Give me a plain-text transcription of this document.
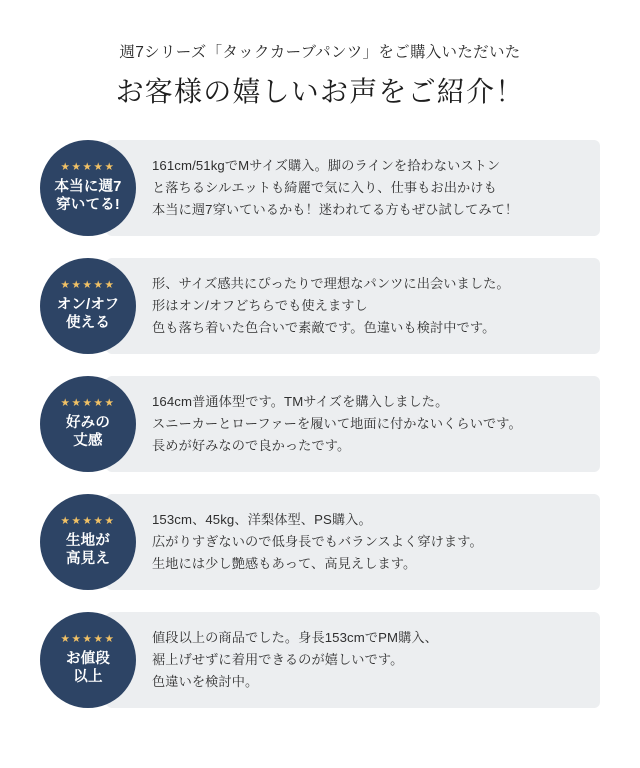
週7シリーズ「タックカーブパンツ」をご購入いただいた
お客様の嬉しいお声をご紹介！
★★★★★
本当に週7
穿いてる!
161cm/51kgでMサイズ購入。脚のラインを拾わないストン
と落ちるシルエットも綺麗で気に入り、仕事もお出かけも
本当に週7穿いているかも！迷われてる方もぜひ試してみて！
★★★★★
オン/オフ
使える
形、サイズ感共にぴったりで理想なパンツに出会いました。
形はオン/オフどちらでも使えますし
色も落ち着いた色合いで素敵です。色違いも検討中です。
★★★★★
好みの
丈感
164cm普通体型です。TMサイズを購入しました。
スニーカーとローファーを履いて地面に付かないくらいです。
長めが好みなので良かったです。
★★★★★
生地が
高見え
153cm、45kg、洋梨体型、PS購入。
広がりすぎないので低身長でもバランスよく穿けます。
生地には少し艶感もあって、高見えします。
★★★★★
お値段
以上
値段以上の商品でした。身長153cmでPM購入、
裾上げせずに着用できるのが嬉しいです。
色違いを検討中。
